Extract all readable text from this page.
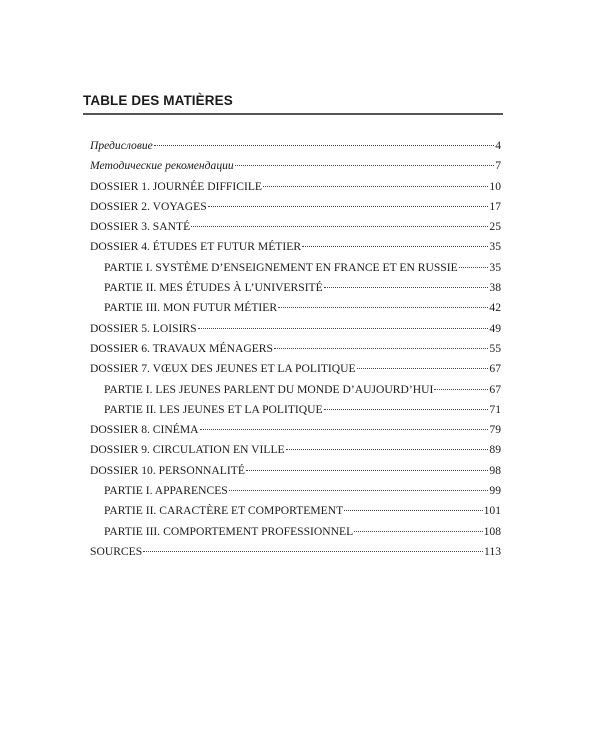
TABLE DES MATIÈRES
Предисловие	4
Методические рекомендации	7
DOSSIER 1. JOURNÉE DIFFICILE	10
DOSSIER 2. VOYAGES	17
DOSSIER 3. SANTÉ	25
DOSSIER 4. ÉTUDES ET FUTUR MÉTIER	35
PARTIE I. SYSTÈME D’ENSEIGNEMENT EN FRANCE ET EN RUSSIE	35
PARTIE II. MES ÉTUDES À L’UNIVERSITÉ	38
PARTIE III. MON FUTUR MÉTIER	42
DOSSIER 5. LOISIRS	49
DOSSIER 6. TRAVAUX MÉNAGERS	55
DOSSIER 7. VŒUX DES JEUNES ET LA POLITIQUE	67
PARTIE I. LES JEUNES PARLENT DU MONDE D’AUJOURD’HUI	67
PARTIE II. LES JEUNES ET LA POLITIQUE	71
DOSSIER 8. CINÉMA	79
DOSSIER 9. CIRCULATION EN VILLE	89
DOSSIER 10. PERSONNALITÉ	98
PARTIE I. APPARENCES	99
PARTIE II. CARACTÈRE ET COMPORTEMENT	101
PARTIE III. COMPORTEMENT PROFESSIONNEL	108
SOURCES	113
